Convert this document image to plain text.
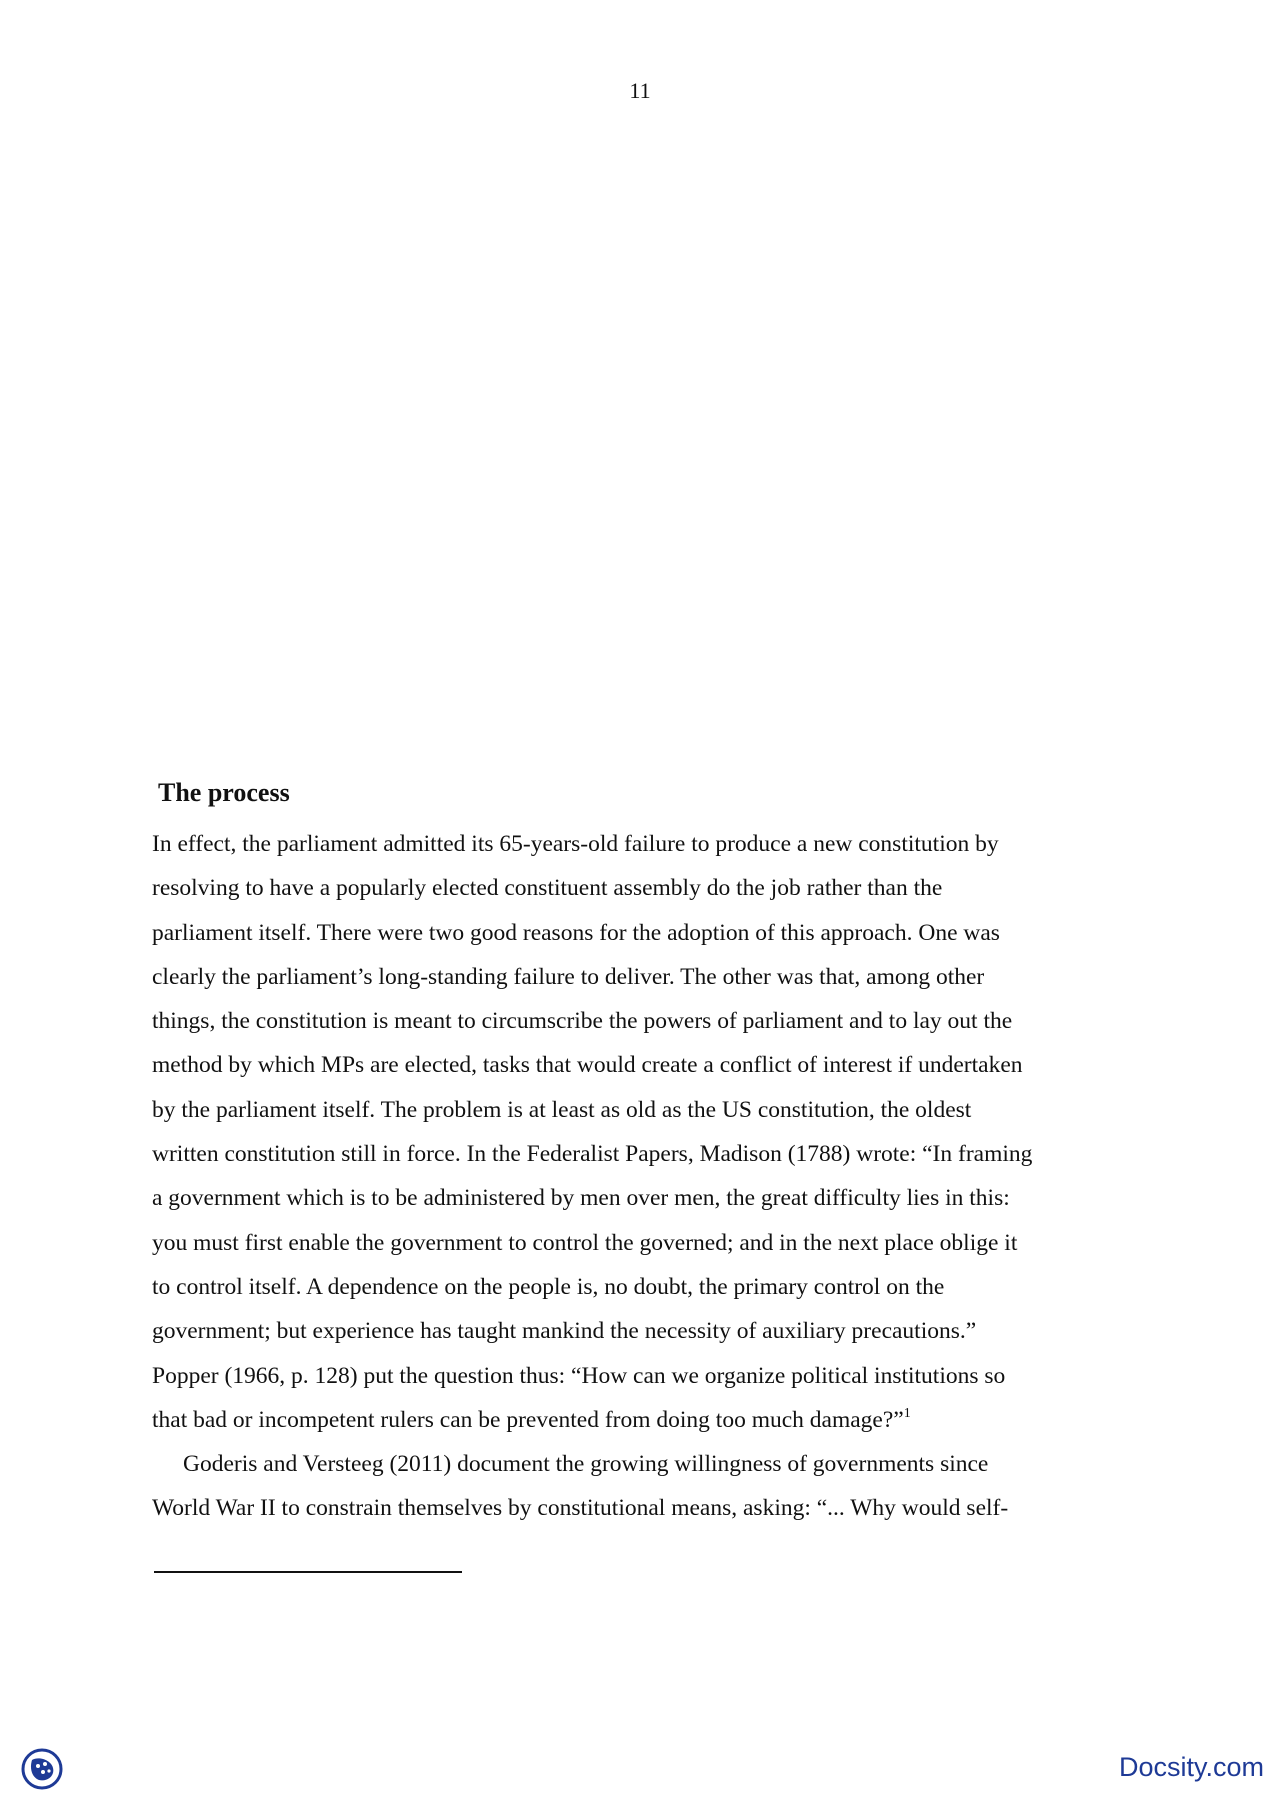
11
The process
In effect, the parliament admitted its 65-years-old failure to produce a new constitution by
resolving to have a popularly elected constituent assembly do the job rather than the
parliament itself. There were two good reasons for the adoption of this approach. One was
clearly the parliament’s long-standing failure to deliver. The other was that, among other
things, the constitution is meant to circumscribe the powers of parliament and to lay out the
method by which MPs are elected, tasks that would create a conflict of interest if undertaken
by the parliament itself. The problem is at least as old as the US constitution, the oldest
written constitution still in force. In the Federalist Papers, Madison (1788) wrote: “In framing
a government which is to be administered by men over men, the great difficulty lies in this:
you must first enable the government to control the governed; and in the next place oblige it
to control itself. A dependence on the people is, no doubt, the primary control on the
government; but experience has taught mankind the necessity of auxiliary precautions.”
Popper (1966, p. 128) put the question thus: “How can we organize political institutions so
that bad or incompetent rulers can be prevented from doing too much damage?”$^1$
Goderis and Versteeg (2011) document the growing willingness of governments since
World War II to constrain themselves by constitutional means, asking: “... Why would self-
Docsity.com
